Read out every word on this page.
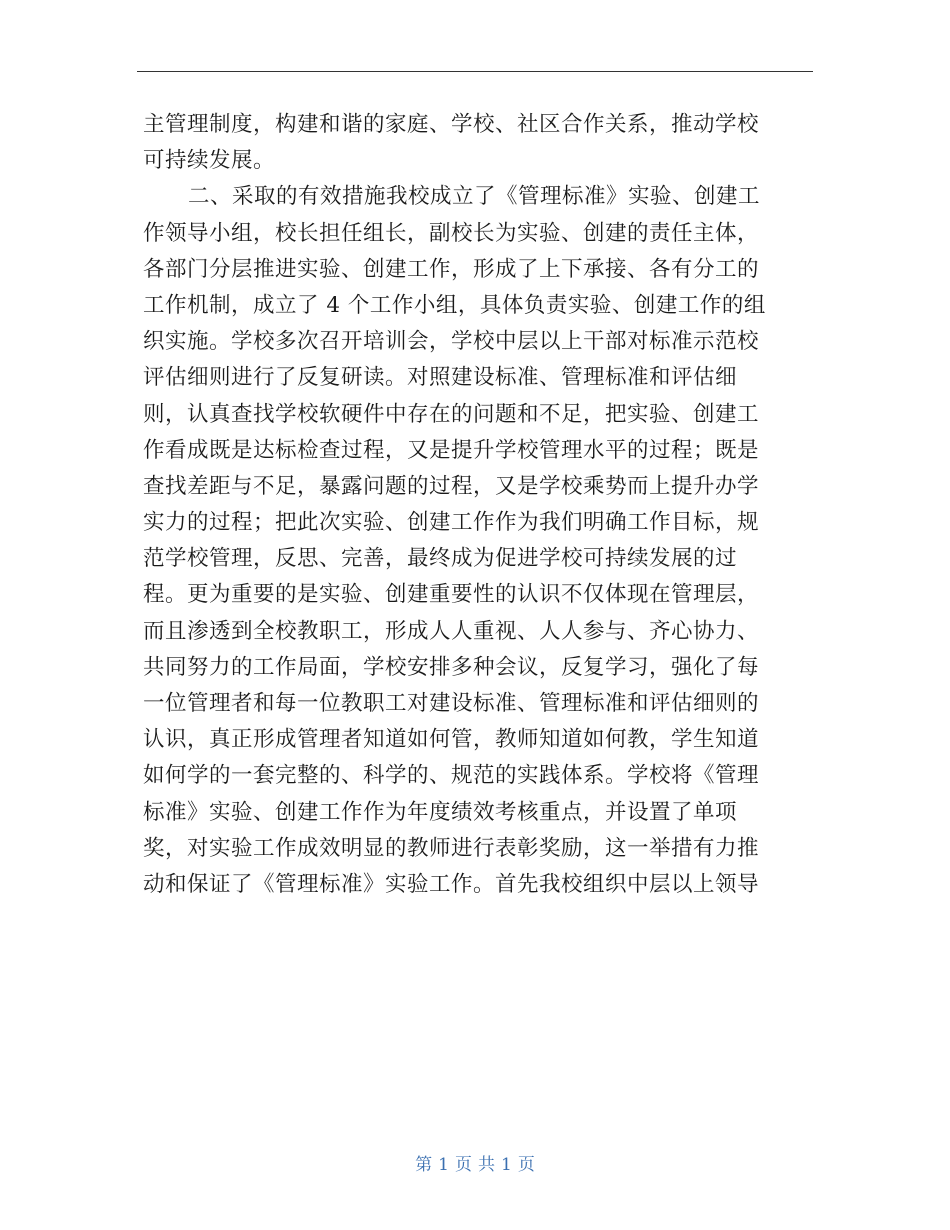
主管理制度，构建和谐的家庭、学校、社区合作关系，推动学校
可持续发展。
二、采取的有效措施我校成立了《管理标准》实验、创建工
作领导小组，校长担任组长，副校长为实验、创建的责任主体，
各部门分层推进实验、创建工作，形成了上下承接、各有分工的
工作机制，成立了 4 个工作小组，具体负责实验、创建工作的组
织实施。学校多次召开培训会，学校中层以上干部对标准示范校
评估细则进行了反复研读。对照建设标准、管理标准和评估细
则，认真查找学校软硬件中存在的问题和不足，把实验、创建工
作看成既是达标检查过程，又是提升学校管理水平的过程；既是
查找差距与不足，暴露问题的过程，又是学校乘势而上提升办学
实力的过程；把此次实验、创建工作作为我们明确工作目标，规
范学校管理，反思、完善，最终成为促进学校可持续发展的过
程。更为重要的是实验、创建重要性的认识不仅体现在管理层，
而且渗透到全校教职工，形成人人重视、人人参与、齐心协力、
共同努力的工作局面，学校安排多种会议，反复学习，强化了每
一位管理者和每一位教职工对建设标准、管理标准和评估细则的
认识，真正形成管理者知道如何管，教师知道如何教，学生知道
如何学的一套完整的、科学的、规范的实践体系。学校将《管理
标准》实验、创建工作作为年度绩效考核重点，并设置了单项
奖，对实验工作成效明显的教师进行表彰奖励，这一举措有力推
动和保证了《管理标准》实验工作。首先我校组织中层以上领导
第 1 页 共 1 页
